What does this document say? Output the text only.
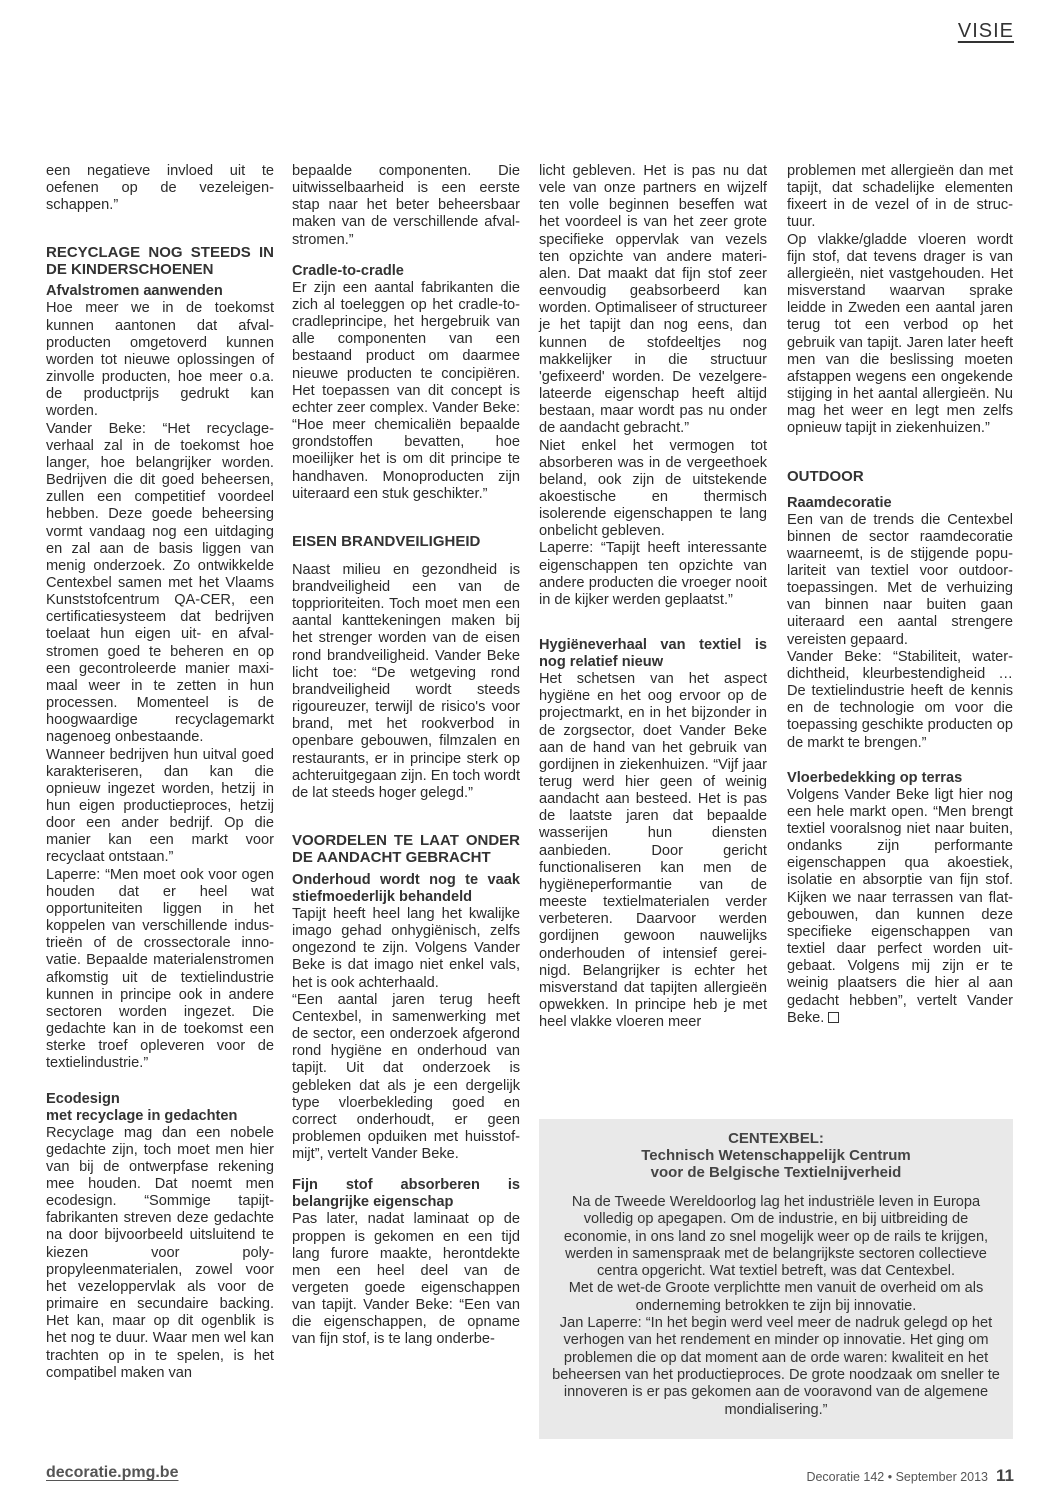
VISIE

een negatieve invloed uit te oefenen op de vezeleigenschappen.”

RECYCLAGE NOG STEEDS IN DE KINDERSCHOENEN
Afvalstromen aanwenden

Hoe meer we in de toekomst kunnen aantonen dat afvalproducten omgetoverd kunnen worden tot nieuwe oplossingen of zinvolle producten, hoe meer o.a. de productprijs gedrukt kan worden.

Vander Beke: “Het recyclageverhaal zal in de toekomst hoe langer, hoe belangrijker worden. Bedrijven die dit goed beheersen, zullen een competitief voordeel hebben. Deze goede beheersing vormt vandaag nog een uitdaging en zal aan de basis liggen van menig onderzoek. Zo ontwikkelde Centexbel samen met het Vlaams Kunststofcentrum QA-CER, een certificatiesysteem dat bedrijven toelaat hun eigen uit- en afvalstromen goed te beheren en op een gecontroleerde manier maximaal weer in te zetten in hun processen. Momenteel is de hoogwaardige recyclagemarkt nagenoeg onbestaande.

Wanneer bedrijven hun uitval goed karakteriseren, dan kan die opnieuw ingezet worden, hetzij in hun eigen productieproces, hetzij door een ander bedrijf. Op die manier kan een markt voor recyclaat ontstaan.”

Laperre: “Men moet ook voor ogen houden dat er heel wat opportuniteiten liggen in het koppelen van verschillende industrieën of de crossectorale innovatie. Bepaalde materialenstromen afkomstig uit de textielindustrie kunnen in principe ook in andere sectoren worden ingezet. Die gedachte kan in de toekomst een sterke troef opleveren voor de textielindustrie.”

Ecodesign
met recyclage in gedachten

Recyclage mag dan een nobele gedachte zijn, toch moet men hier van bij de ontwerpfase rekening mee houden. Dat noemt men ecodesign. “Sommige tapijtfabrikanten streven deze gedachte na door bijvoorbeeld uitsluitend te kiezen voor polypropyleenmaterialen, zowel voor het vezeloppervlak als voor de primaire en secundaire backing. Het kan, maar op dit ogenblik is het nog te duur. Waar men wel kan trachten op in te spelen, is het compatibel maken van

bepaalde componenten. Die uitwisselbaarheid is een eerste stap naar het beter beheersbaar maken van de verschillende afvalstromen.”

Cradle-to-cradle

Er zijn een aantal fabrikanten die zich al toeleggen op het cradle-to-cradleprincipe, het hergebruik van alle componenten van een bestaand product om daarmee nieuwe producten te concipiëren. Het toepassen van dit concept is echter zeer complex. Vander Beke: “Hoe meer chemicaliën bepaalde grondstoffen bevatten, hoe moeilijker het is om dit principe te handhaven. Monoproducten zijn uiteraard een stuk geschikter.”

EISEN BRANDVEILIGHEID

Naast milieu en gezondheid is brandveiligheid een van de topprioriteiten. Toch moet men een aantal kanttekeningen maken bij het strenger worden van de eisen rond brandveiligheid. Vander Beke licht toe: “De wetgeving rond brandveiligheid wordt steeds rigoureuzer, terwijl de risico's voor brand, met het rookverbod in openbare gebouwen, filmzalen en restaurants, er in principe sterk op achteruitgegaan zijn. En toch wordt de lat steeds hoger gelegd.”

VOORDELEN TE LAAT ONDER DE AANDACHT GEBRACHT
Onderhoud wordt nog te vaak stiefmoederlijk behandeld

Tapijt heeft heel lang het kwalijke imago gehad onhygiënisch, zelfs ongezond te zijn. Volgens Vander Beke is dat imago niet enkel vals, het is ook achterhaald.

“Een aantal jaren terug heeft Centexbel, in samenwerking met de sector, een onderzoek afgerond rond hygiëne en onderhoud van tapijt. Uit dat onderzoek is gebleken dat als je een dergelijk type vloerbekleding goed en correct onderhoudt, er geen problemen opduiken met huisstofmijt”, vertelt Vander Beke.

Fijn stof absorberen is belangrijke eigenschap

Pas later, nadat laminaat op de proppen is gekomen en een tijd lang furore maakte, herontdekte men een heel deel van de vergeten goede eigenschappen van tapijt. Vander Beke: “Een van die eigenschappen, de opname van fijn stof, is te lang onderbe-

licht gebleven. Het is pas nu dat vele van onze partners en wijzelf ten volle beginnen beseffen wat het voordeel is van het zeer grote specifieke oppervlak van vezels ten opzichte van andere materialen. Dat maakt dat fijn stof zeer eenvoudig geabsorbeerd kan worden. Optimaliseer of structureer je het tapijt dan nog eens, dan kunnen de stofdeeltjes nog makkelijker in die structuur 'gefixeerd' worden. De vezelgerelateerde eigenschap heeft altijd bestaan, maar wordt pas nu onder de aandacht gebracht.”

Niet enkel het vermogen tot absorberen was in de vergeethoek beland, ook zijn de uitstekende akoestische en thermisch isolerende eigenschappen te lang onbelicht gebleven.

Laperre: “Tapijt heeft interessante eigenschappen ten opzichte van andere producten die vroeger nooit in de kijker werden geplaatst.”

Hygiëneverhaal van textiel is nog relatief nieuw

Het schetsen van het aspect hygiëne en het oog ervoor op de projectmarkt, en in het bijzonder in de zorgsector, doet Vander Beke aan de hand van het gebruik van gordijnen in ziekenhuizen. “Vijf jaar terug werd hier geen of weinig aandacht aan besteed. Het is pas de laatste jaren dat bepaalde wasserijen hun diensten aanbieden. Door gericht functionaliseren kan men de hygiëneperformantie van de meeste textielmaterialen verder verbeteren. Daarvoor werden gordijnen gewoon nauwelijks onderhouden of intensief gereinigd. Belangrijker is echter het misverstand dat tapijten allergieën opwekken. In principe heb je met heel vlakke vloeren meer

problemen met allergieën dan met tapijt, dat schadelijke elementen fixeert in de vezel of in de structuur.

Op vlakke/gladde vloeren wordt fijn stof, dat tevens drager is van allergieën, niet vastgehouden. Het misverstand waarvan sprake leidde in Zweden een aantal jaren terug tot een verbod op het gebruik van tapijt. Jaren later heeft men van die beslissing moeten afstappen wegens een ongekende stijging in het aantal allergieën. Nu mag het weer en legt men zelfs opnieuw tapijt in ziekenhuizen.”

OUTDOOR
Raamdecoratie

Een van de trends die Centexbel binnen de sector raamdecoratie waarneemt, is de stijgende populariteit van textiel voor outdoortoepassingen. Met de verhuizing van binnen naar buiten gaan uiteraard een aantal strengere vereisten gepaard.

Vander Beke: “Stabiliteit, waterdichtheid, kleurbestendigheid … De textielindustrie heeft de kennis en de technologie om voor die toepassing geschikte producten op de markt te brengen.”

Vloerbedekking op terras

Volgens Vander Beke ligt hier nog een hele markt open. “Men brengt textiel vooralsnog niet naar buiten, ondanks zijn performante eigenschappen qua akoestiek, isolatie en absorptie van fijn stof. Kijken we naar terrassen van flatgebouwen, dan kunnen deze specifieke eigenschappen van textiel daar perfect worden uitgebaat. Volgens mij zijn er te weinig plaatsers die hier al aan gedacht hebben”, vertelt Vander Beke.

CENTEXBEL:
Technisch Wetenschappelijk Centrum
voor de Belgische Textielnijverheid

Na de Tweede Wereldoorlog lag het industriële leven in Europa volledig op apegapen. Om de industrie, en bij uitbreiding de economie, in ons land zo snel mogelijk weer op de rails te krijgen, werden in samenspraak met de belangrijkste sectoren collectieve centra opgericht. Wat textiel betreft, was dat Centexbel.

Met de wet-de Groote verplichtte men vanuit de overheid om als onderneming betrokken te zijn bij innovatie.

Jan Laperre: “In het begin werd veel meer de nadruk gelegd op het verhogen van het rendement en minder op innovatie. Het ging om problemen die op dat moment aan de orde waren: kwaliteit en het beheersen van het productieproces. De grote noodzaak om sneller te innoveren is er pas gekomen aan de vooravond van de algemene mondialisering.”

decoratie.pmg.be	Decoratie 142 • September 2013 11
